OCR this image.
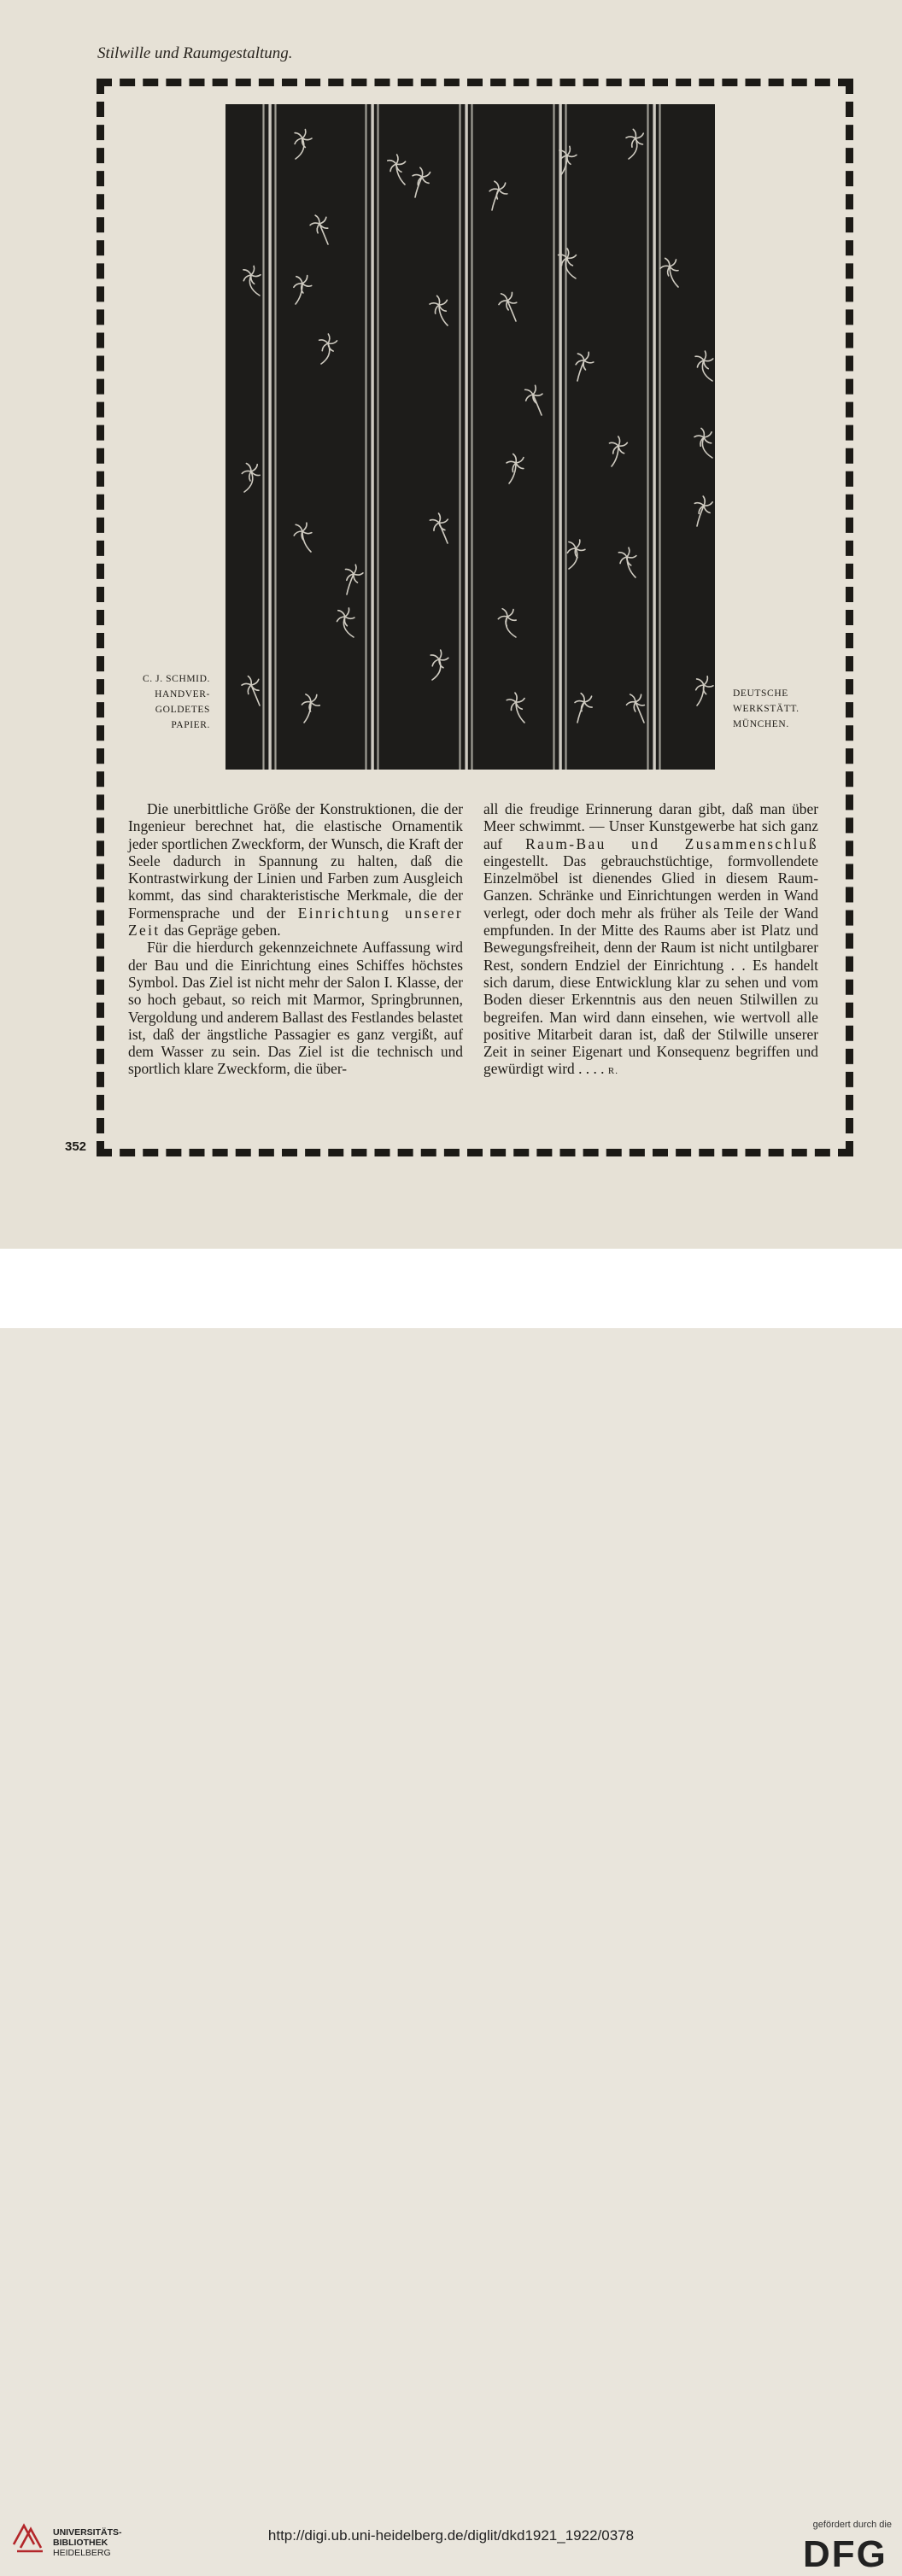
Stilwille und Raumgestaltung.
C. J. SCHMID.
HANDVER-
GOLDETES
PAPIER.
DEUTSCHE
WERKSTÄTT.
MÜNCHEN.

Die unerbittliche Größe der Konstruktionen, die der Ingenieur berechnet hat, die elastische Ornamentik jeder sportlichen Zweckform, der Wunsch, die Kraft der Seele dadurch in Spannung zu halten, daß die Kontrastwirkung der Linien und Farben zum Ausgleich kommt, das sind charakteristische Merkmale, die der Formensprache und der Einrichtung unserer Zeit das Gepräge geben.

Für die hierdurch gekennzeichnete Auffassung wird der Bau und die Einrichtung eines Schiffes höchstes Symbol. Das Ziel ist nicht mehr der Salon I. Klasse, der so hoch gebaut, so reich mit Marmor, Springbrunnen, Vergoldung und anderem Ballast des Festlandes belastet ist, daß der ängstliche Passagier es ganz vergißt, auf dem Wasser zu sein. Das Ziel ist die technisch und sportlich klare Zweckform, die über-

all die freudige Erinnerung daran gibt, daß man über Meer schwimmt. — Unser Kunstgewerbe hat sich ganz auf Raum-Bau und Zusammenschluß eingestellt. Das gebrauchstüchtige, formvollendete Einzelmöbel ist dienendes Glied in diesem Raum-Ganzen. Schränke und Einrichtungen werden in Wand verlegt, oder doch mehr als früher als Teile der Wand empfunden. In der Mitte des Raums aber ist Platz und Bewegungsfreiheit, denn der Raum ist nicht untilgbarer Rest, sondern Endziel der Einrichtung . . Es handelt sich darum, diese Entwicklung klar zu sehen und vom Boden dieser Erkenntnis aus den neuen Stilwillen zu begreifen. Man wird dann einsehen, wie wertvoll alle positive Mitarbeit daran ist, daß der Stilwille unserer Zeit in seiner Eigenart und Konsequenz begriffen und gewürdigt wird . . . . R.

352
UNIVERSITÄTS-
BIBLIOTHEK
HEIDELBERG
http://digi.ub.uni-heidelberg.de/diglit/dkd1921_1922/0378
gefördert durch die
DFG
